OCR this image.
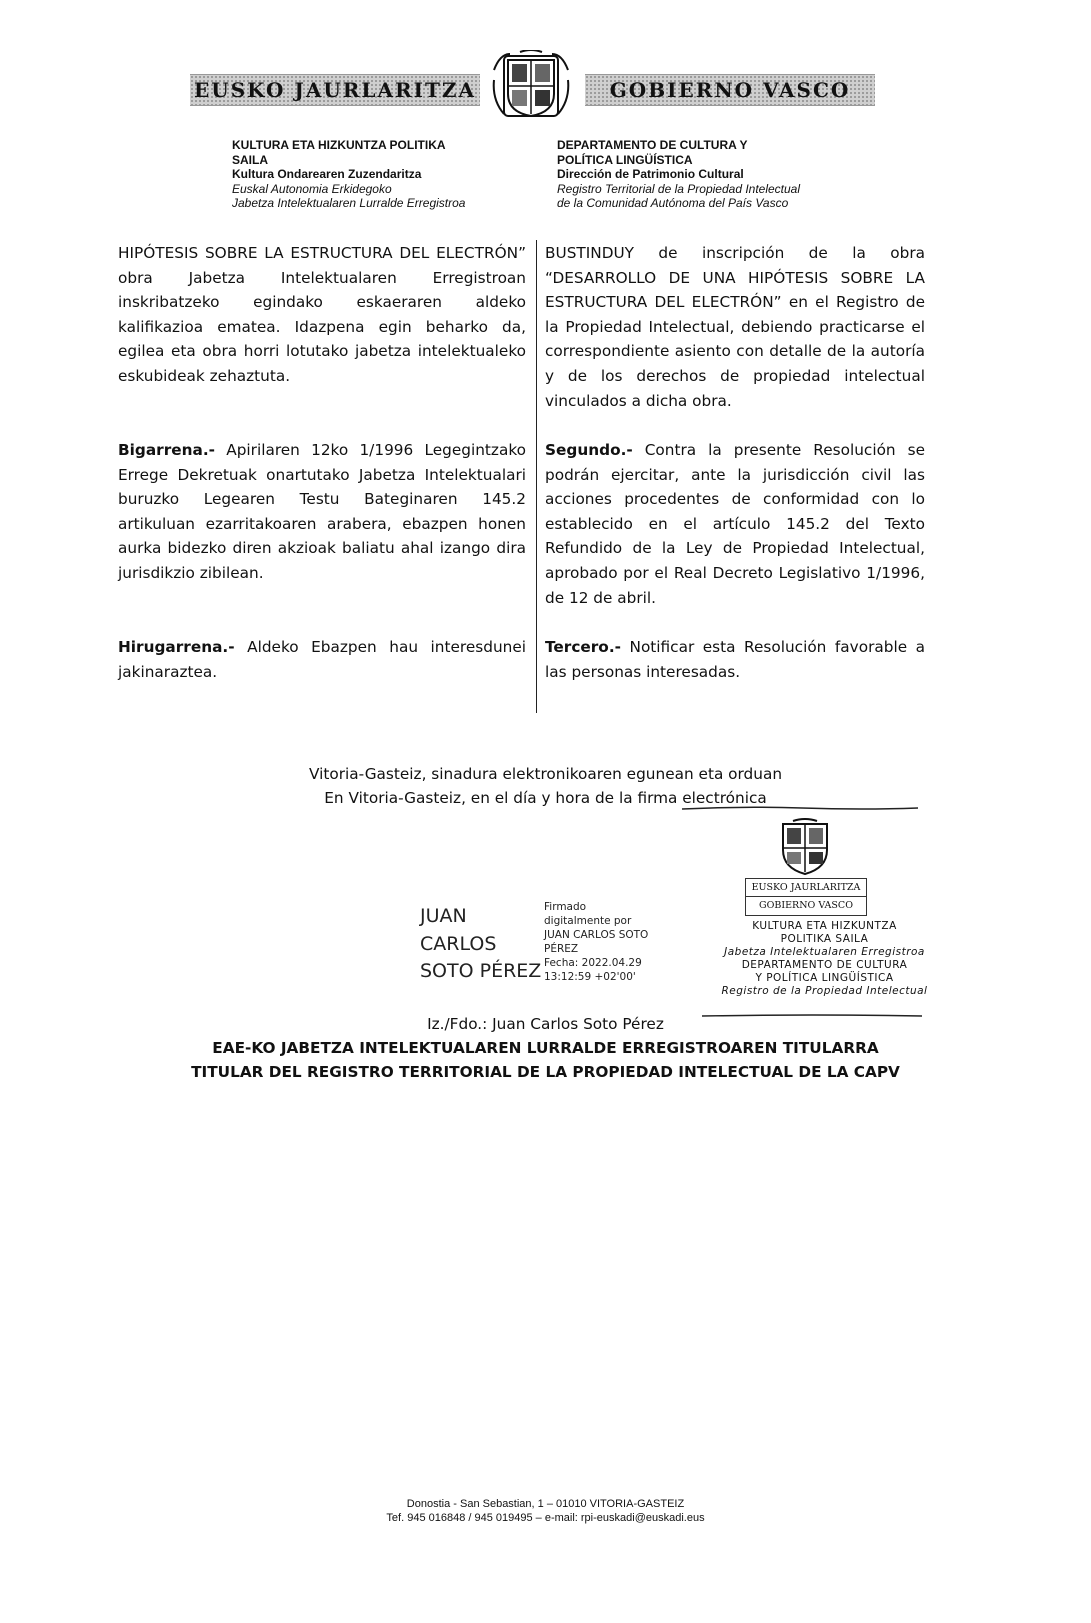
EUSKO JAURLARITZA	GOBIERNO VASCO
KULTURA ETA HIZKUNTZA POLITIKA
SAILA
Kultura Ondarearen Zuzendaritza
Euskal Autonomia Erkidegoko
Jabetza Intelektualaren Lurralde Erregistroa
DEPARTAMENTO DE CULTURA Y
POLÍTICA LINGÜÍSTICA
Dirección de Patrimonio Cultural
Registro Territorial de la Propiedad Intelectual
de la Comunidad Autónoma del País Vasco

HIPÓTESIS SOBRE LA ESTRUCTURA DEL ELECTRÓN” obra Jabetza Intelektualaren Erregistroan inskribatzeko egindako eskaeraren aldeko kalifikazioa ematea. Idazpena egin beharko da, egilea eta obra horri lotutako jabetza intelektualeko eskubideak zehaztuta.

Bigarrena.- Apirilaren 12ko 1/1996 Legegintzako Errege Dekretuak onartutako Jabetza Intelektualari buruzko Legearen Testu Bateginaren 145.2 artikuluan ezarritakoaren arabera, ebazpen honen aurka bidezko diren akzioak baliatu ahal izango dira jurisdikzio zibilean.

Hirugarrena.- Aldeko Ebazpen hau interesdunei jakinaraztea.

BUSTINDUY de inscripción de la obra “DESARROLLO DE UNA HIPÓTESIS SOBRE LA ESTRUCTURA DEL ELECTRÓN” en el Registro de la Propiedad Intelectual, debiendo practicarse el correspondiente asiento con detalle de la autoría y de los derechos de propiedad intelectual vinculados a dicha obra.

Segundo.- Contra la presente Resolución se podrán ejercitar, ante la jurisdicción civil las acciones procedentes de conformidad con lo establecido en el artículo 145.2 del Texto Refundido de la Ley de Propiedad Intelectual, aprobado por el Real Decreto Legislativo 1/1996, de 12 de abril.

Tercero.- Notificar esta Resolución favorable a las personas interesadas.

Vitoria-Gasteiz, sinadura elektronikoaren egunean eta orduan
En Vitoria-Gasteiz, en el día y hora de la firma electrónica
JUAN
CARLOS
SOTO PÉREZ
Firmado
digitalmente por
JUAN CARLOS SOTO
PÉREZ
Fecha: 2022.04.29
13:12:59 +02'00'
EUSKO JAURLARITZA
GOBIERNO VASCO
KULTURA ETA HIZKUNTZA
POLITIKA SAILA
Jabetza Intelektualaren Erregistroa
DEPARTAMENTO DE CULTURA
Y POLÍTICA LINGÜÍSTICA
Registro de la Propiedad Intelectual
Iz./Fdo.: Juan Carlos Soto Pérez
EAE-KO JABETZA INTELEKTUALAREN LURRALDE ERREGISTROAREN TITULARRA
TITULAR DEL REGISTRO TERRITORIAL DE LA PROPIEDAD INTELECTUAL DE LA CAPV
Donostia - San Sebastian, 1 – 01010 VITORIA-GASTEIZ
Tef. 945 016848 / 945 019495 – e-mail: rpi-euskadi@euskadi.eus
